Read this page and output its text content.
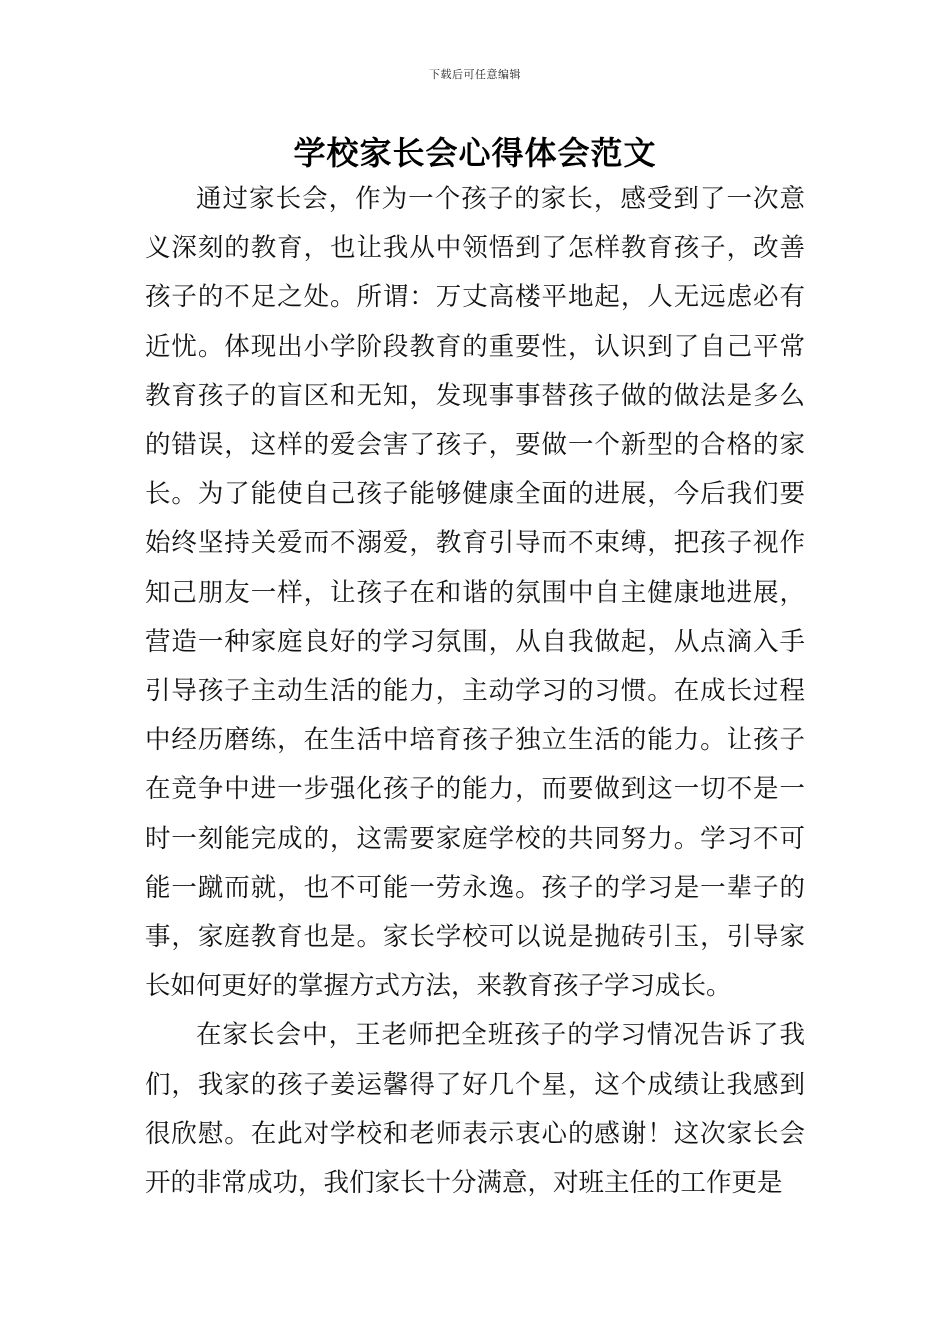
下载后可任意编辑
学校家长会心得体会范文

通过家长会，作为一个孩子的家长，感受到了一次意义深刻的教育，也让我从中领悟到了怎样教育孩子，改善孩子的不足之处。所谓：万丈高楼平地起，人无远虑必有近忧。体现出小学阶段教育的重要性，认识到了自己平常教育孩子的盲区和无知，发现事事替孩子做的做法是多么的错误，这样的爱会害了孩子，要做一个新型的合格的家长。为了能使自己孩子能够健康全面的进展，今后我们要始终坚持关爱而不溺爱，教育引导而不束缚，把孩子视作知己朋友一样，让孩子在和谐的氛围中自主健康地进展，营造一种家庭良好的学习氛围，从自我做起，从点滴入手引导孩子主动生活的能力，主动学习的习惯。在成长过程中经历磨练，在生活中培育孩子独立生活的能力。让孩子在竞争中进一步强化孩子的能力，而要做到这一切不是一时一刻能完成的，这需要家庭学校的共同努力。学习不可能一蹴而就，也不可能一劳永逸。孩子的学习是一辈子的事，家庭教育也是。家长学校可以说是抛砖引玉，引导家长如何更好的掌握方式方法，来教育孩子学习成长。

在家长会中，王老师把全班孩子的学习情况告诉了我们，我家的孩子姜运馨得了好几个星，这个成绩让我感到很欣慰。在此对学校和老师表示衷心的感谢！这次家长会开的非常成功，我们家长十分满意，对班主任的工作更是
